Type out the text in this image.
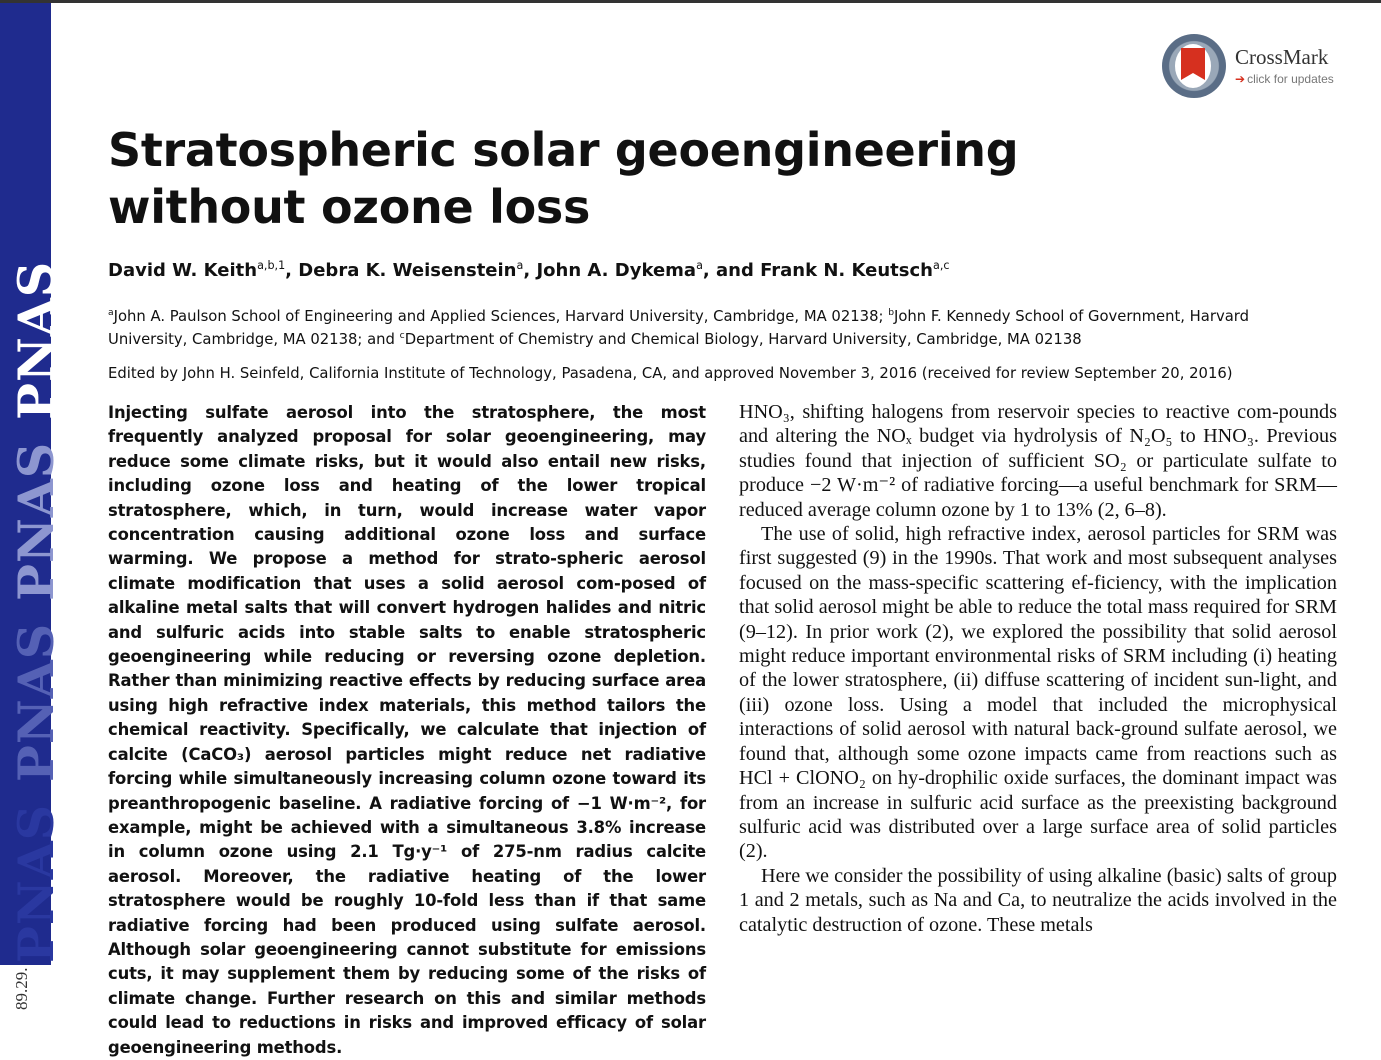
PNASPNASPNASPNAS
89.29.
CrossMark
➔ click for updates
Stratospheric solar geoengineering without ozone loss
David W. Keith$^{a,b,1}$, Debra K. Weisenstein$^a$, John A. Dykema$^a$, and Frank N. Keutsch$^{a,c}$
$^a$John A. Paulson School of Engineering and Applied Sciences, Harvard University, Cambridge, MA 02138; $^b$John F. Kennedy School of Government, Harvard University, Cambridge, MA 02138; and $^c$Department of Chemistry and Chemical Biology, Harvard University, Cambridge, MA 02138
Edited by John H. Seinfeld, California Institute of Technology, Pasadena, CA, and approved November 3, 2016 (received for review September 20, 2016)

Injecting sulfate aerosol into the stratosphere, the most frequently analyzed proposal for solar geoengineering, may reduce some climate risks, but it would also entail new risks, including ozone loss and heating of the lower tropical stratosphere, which, in turn, would increase water vapor concentration causing additional ozone loss and surface warming. We propose a method for strato-spheric aerosol climate modification that uses a solid aerosol com-posed of alkaline metal salts that will convert hydrogen halides and nitric and sulfuric acids into stable salts to enable stratospheric geoengineering while reducing or reversing ozone depletion. Rather than minimizing reactive effects by reducing surface area using high refractive index materials, this method tailors the chemical reactivity. Specifically, we calculate that injection of calcite (CaCO₃) aerosol particles might reduce net radiative forcing while simultaneously increasing column ozone toward its preanthropogenic baseline. A radiative forcing of −1 W·m⁻², for example, might be achieved with a simultaneous 3.8% increase in column ozone using 2.1 Tg·y⁻¹ of 275-nm radius calcite aerosol. Moreover, the radiative heating of the lower stratosphere would be roughly 10-fold less than if that same radiative forcing had been produced using sulfate aerosol. Although solar geoengineering cannot substitute for emissions cuts, it may supplement them by reducing some of the risks of climate change. Further research on this and similar methods could lead to reductions in risks and improved efficacy of solar geoengineering methods.

HNO₃, shifting halogens from reservoir species to reactive com-pounds and altering the NOₓ budget via hydrolysis of N₂O₅ to HNO₃. Previous studies found that injection of sufficient SO₂ or particulate sulfate to produce −2 W·m⁻² of radiative forcing—a useful benchmark for SRM—reduced average column ozone by 1 to 13% (2, 6–8).

The use of solid, high refractive index, aerosol particles for SRM was first suggested (9) in the 1990s. That work and most subsequent analyses focused on the mass-specific scattering ef-ficiency, with the implication that solid aerosol might be able to reduce the total mass required for SRM (9–12). In prior work (2), we explored the possibility that solid aerosol might reduce important environmental risks of SRM including (i) heating of the lower stratosphere, (ii) diffuse scattering of incident sun-light, and (iii) ozone loss. Using a model that included the microphysical interactions of solid aerosol with natural back-ground sulfate aerosol, we found that, although some ozone impacts came from reactions such as HCl + ClONO₂ on hy-drophilic oxide surfaces, the dominant impact was from an increase in sulfuric acid surface as the preexisting background sulfuric acid was distributed over a large surface area of solid particles (2).

Here we consider the possibility of using alkaline (basic) salts of group 1 and 2 metals, such as Na and Ca, to neutralize the acids involved in the catalytic destruction of ozone. These metals
